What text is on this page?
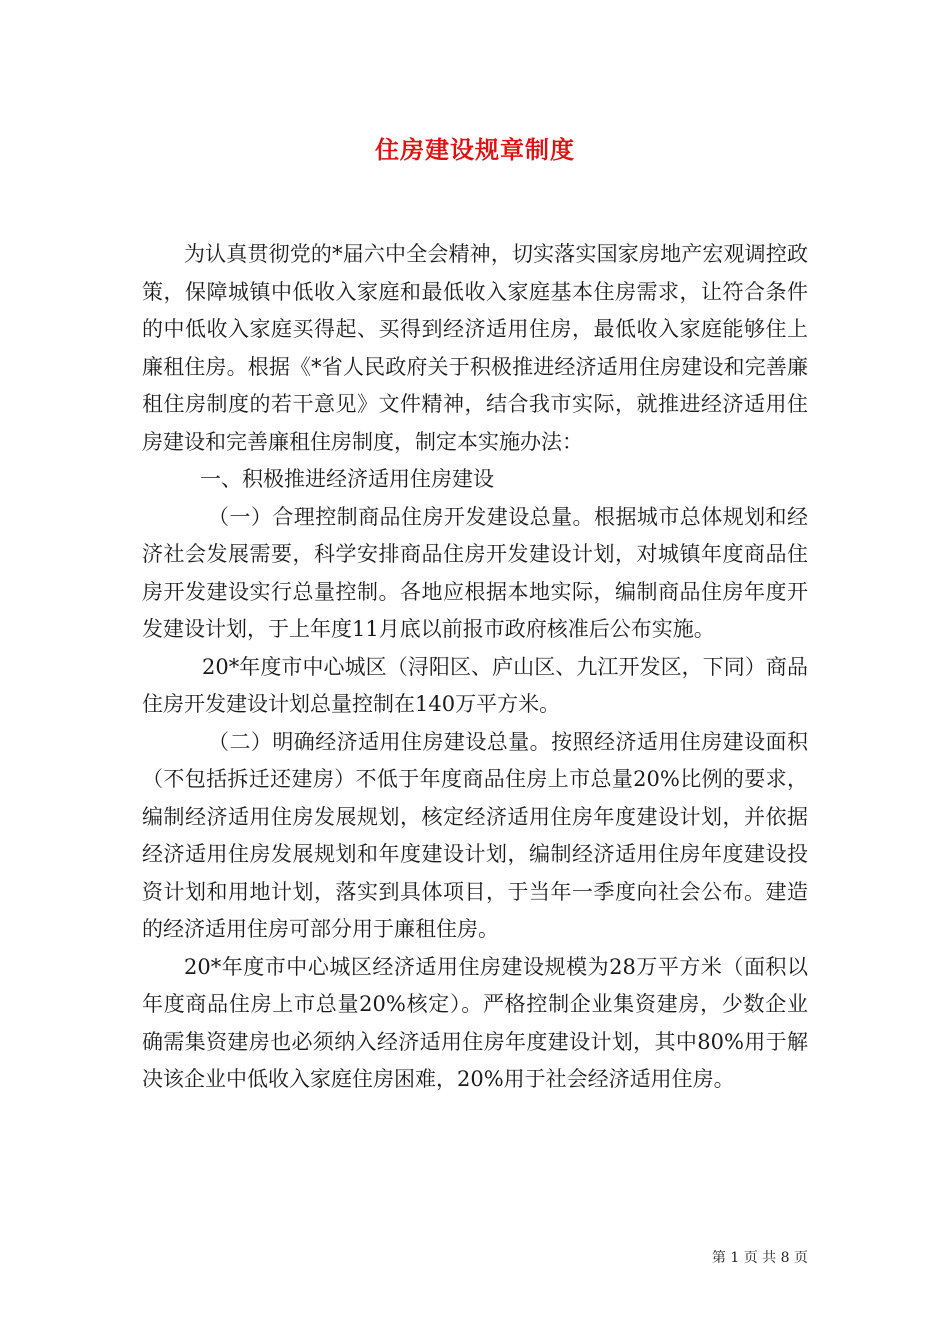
住房建设规章制度

为认真贯彻党的*届六中全会精神，切实落实国家房地产宏观调控政策，保障城镇中低收入家庭和最低收入家庭基本住房需求，让符合条件的中低收入家庭买得起、买得到经济适用住房，最低收入家庭能够住上廉租住房。根据《*省人民政府关于积极推进经济适用住房建设和完善廉租住房制度的若干意见》文件精神，结合我市实际，就推进经济适用住房建设和完善廉租住房制度，制定本实施办法：

一、积极推进经济适用住房建设

（一）合理控制商品住房开发建设总量。根据城市总体规划和经济社会发展需要，科学安排商品住房开发建设计划，对城镇年度商品住房开发建设实行总量控制。各地应根据本地实际，编制商品住房年度开发建设计划，于上年度11月底以前报市政府核准后公布实施。

20*年度市中心城区（浔阳区、庐山区、九江开发区，下同）商品住房开发建设计划总量控制在140万平方米。

（二）明确经济适用住房建设总量。按照经济适用住房建设面积（不包括拆迁还建房）不低于年度商品住房上市总量20%比例的要求，编制经济适用住房发展规划，核定经济适用住房年度建设计划，并依据经济适用住房发展规划和年度建设计划，编制经济适用住房年度建设投资计划和用地计划，落实到具体项目，于当年一季度向社会公布。建造的经济适用住房可部分用于廉租住房。

20*年度市中心城区经济适用住房建设规模为28万平方米（面积以年度商品住房上市总量20%核定）。严格控制企业集资建房，少数企业确需集资建房也必须纳入经济适用住房年度建设计划，其中80%用于解决该企业中低收入家庭住房困难，20%用于社会经济适用住房。

第 1 页 共 8 页
